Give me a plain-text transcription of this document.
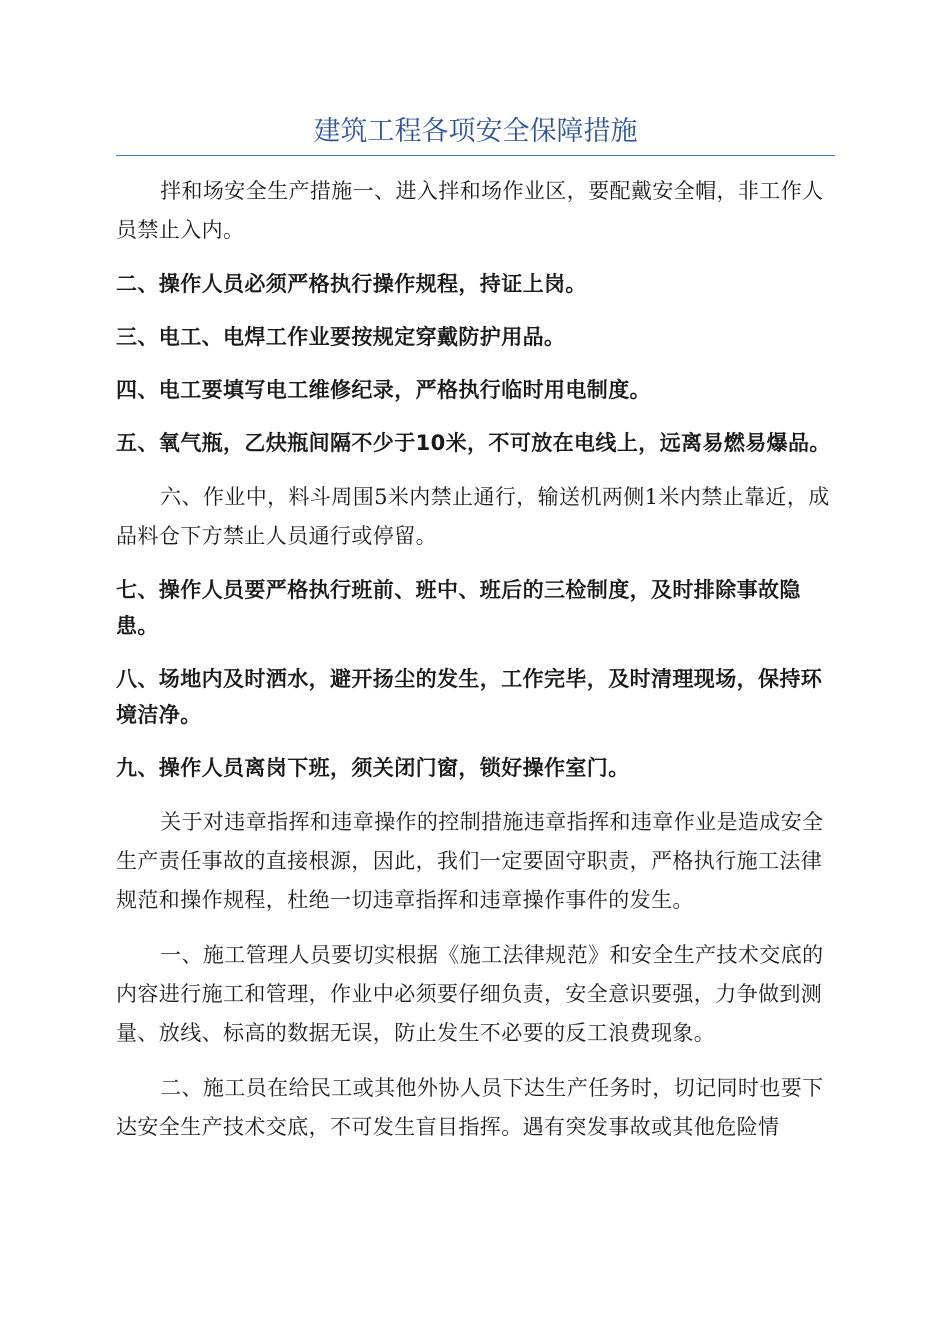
建筑工程各项安全保障措施

拌和场安全生产措施一、进入拌和场作业区，要配戴安全帽，非工作人员禁止入内。

二、操作人员必须严格执行操作规程，持证上岗。

三、电工、电焊工作业要按规定穿戴防护用品。

四、电工要填写电工维修纪录，严格执行临时用电制度。

五、氧气瓶，乙炔瓶间隔不少于10米，不可放在电线上，远离易燃易爆品。

六、作业中，料斗周围5米内禁止通行，输送机两侧1米内禁止靠近，成品料仓下方禁止人员通行或停留。

七、操作人员要严格执行班前、班中、班后的三检制度，及时排除事故隐患。

八、场地内及时洒水，避开扬尘的发生，工作完毕，及时清理现场，保持环境洁净。

九、操作人员离岗下班，须关闭门窗，锁好操作室门。

关于对违章指挥和违章操作的控制措施违章指挥和违章作业是造成安全生产责任事故的直接根源，因此，我们一定要固守职责，严格执行施工法律规范和操作规程，杜绝一切违章指挥和违章操作事件的发生。

一、施工管理人员要切实根据《施工法律规范》和安全生产技术交底的内容进行施工和管理，作业中必须要仔细负责，安全意识要强，力争做到测量、放线、标高的数据无误，防止发生不必要的反工浪费现象。

二、施工员在给民工或其他外协人员下达生产任务时，切记同时也要下达安全生产技术交底，不可发生盲目指挥。遇有突发事故或其他危险情
